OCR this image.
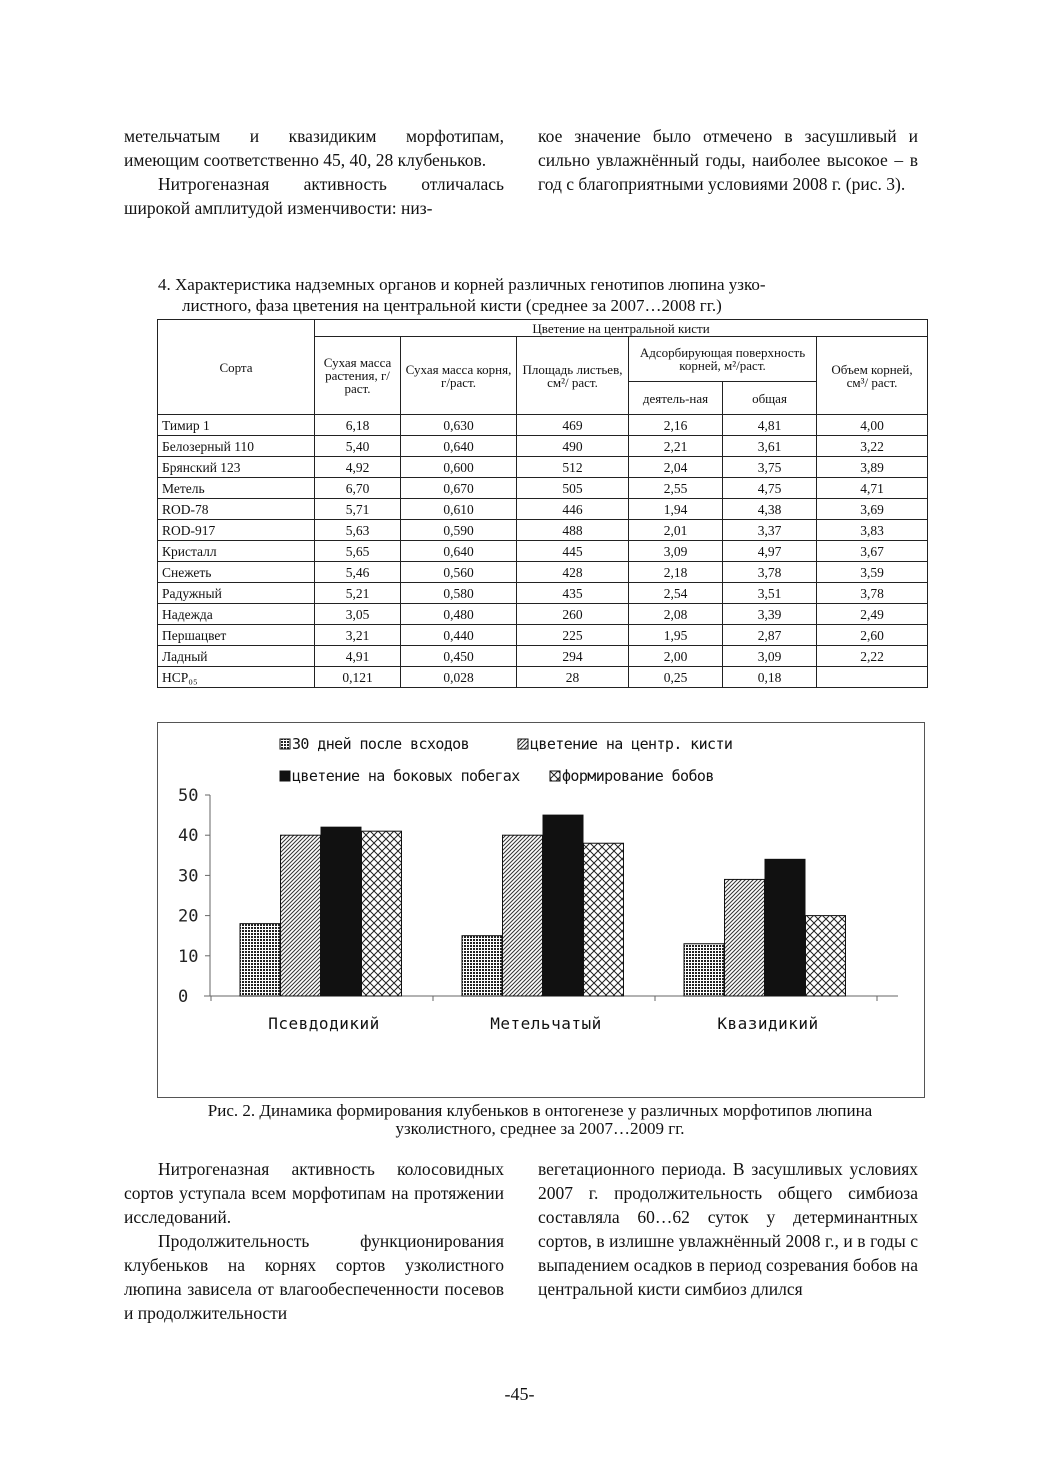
метельчатым и квазидиким морфотипам, имеющим соответственно 45, 40, 28 клубеньков.

Нитрогеназная активность отличалась широкой амплитудой изменчивости: низ-

кое значение было отмечено в засушливый и сильно увлажнённый годы, наиболее высокое – в год с благоприятными условиями 2008 г. (рис. 3).

4. Характеристика надземных органов и корней различных генотипов люпина узко-
листного, фаза цветения на центральной кисти (среднее за 2007…2008 гг.)
Сорта	Цветение на центральной кисти					
	Сухая масса растения, г/раст.	Сухая масса корня, г/раст.	Площадь листьев, см²/ раст.	Адсорбирующая поверхность корней, м²/раст.		Объем корней, см³/ раст.
				деятель-ная	общая	
Тимир 1	6,18	0,630	469	2,16	4,81	4,00
Белозерный 110	5,40	0,640	490	2,21	3,61	3,22
Брянский 123	4,92	0,600	512	2,04	3,75	3,89
Метель	6,70	0,670	505	2,55	4,75	4,71
ROD-78	5,71	0,610	446	1,94	4,38	3,69
ROD-917	5,63	0,590	488	2,01	3,37	3,83
Кристалл	5,65	0,640	445	3,09	4,97	3,67
Снежеть	5,46	0,560	428	2,18	3,78	3,59
Радужный	5,21	0,580	435	2,54	3,51	3,78
Надежда	3,05	0,480	260	2,08	3,39	2,49
Першацвет	3,21	0,440	225	1,95	2,87	2,60
Ладный	4,91	0,450	294	2,00	3,09	2,22
НСР₀₅	0,121	0,028	28	0,25	0,18	
0
10
20
30
40
50
Псевдодикий	Метельчатый	Квазидикий
30 дней после всходов	цветение на центр. кисти
цветение на боковых побегах	формирование бобов
Рис. 2. Динамика формирования клубеньков в онтогенезе у различных морфотипов люпина
узколистного, среднее за 2007…2009 гг.

Нитрогеназная активность колосовидных сортов уступала всем морфотипам на протяжении исследований.

Продолжительность функционирования клубеньков на корнях сортов узколистного люпина зависела от влагообеспеченности посевов и продолжительности

вегетационного периода. В засушливых условиях 2007 г. продолжительность общего симбиоза составляла 60…62 суток у детерминантных сортов, в излишне увлажнённый 2008 г., и в годы с выпадением осадков в период созревания бобов на центральной кисти симбиоз длился

-45-
